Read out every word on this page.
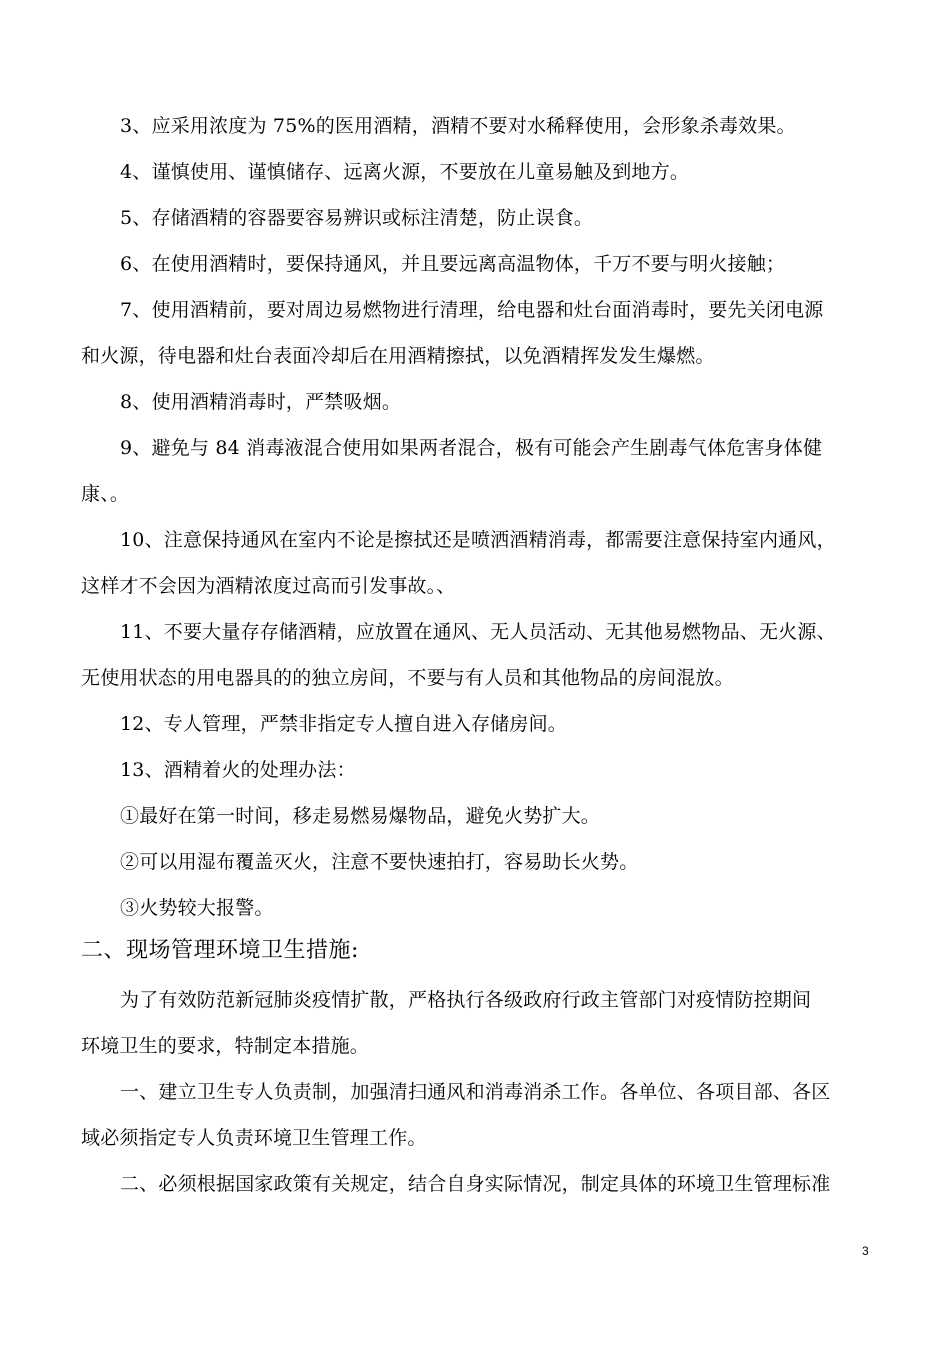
3、应采用浓度为 75%的医用酒精，酒精不要对水稀释使用，会形象杀毒效果。
4、谨慎使用、谨慎储存、远离火源，不要放在儿童易触及到地方。
5、存储酒精的容器要容易辨识或标注清楚，防止误食。
6、在使用酒精时，要保持通风，并且要远离高温物体，千万不要与明火接触；
7、使用酒精前，要对周边易燃物进行清理，给电器和灶台面消毒时，要先关闭电源
和火源，待电器和灶台表面冷却后在用酒精擦拭，以免酒精挥发发生爆燃。
8、使用酒精消毒时，严禁吸烟。
9、避免与 84 消毒液混合使用如果两者混合，极有可能会产生剧毒气体危害身体健
康、。
10、注意保持通风在室内不论是擦拭还是喷洒酒精消毒，都需要注意保持室内通风，
这样才不会因为酒精浓度过高而引发事故。、
11、不要大量存存储酒精，应放置在通风、无人员活动、无其他易燃物品、无火源、
无使用状态的用电器具的的独立房间，不要与有人员和其他物品的房间混放。
12、专人管理，严禁非指定专人擅自进入存储房间。
13、酒精着火的处理办法：
①最好在第一时间，移走易燃易爆物品，避免火势扩大。
②可以用湿布覆盖灭火，注意不要快速拍打，容易助长火势。
③火势较大报警。
二、现场管理环境卫生措施:
为了有效防范新冠肺炎疫情扩散，严格执行各级政府行政主管部门对疫情防控期间
环境卫生的要求，特制定本措施。
一、建立卫生专人负责制，加强清扫通风和消毒消杀工作。各单位、各项目部、各区
域必须指定专人负责环境卫生管理工作。
二、必须根据国家政策有关规定，结合自身实际情况，制定具体的环境卫生管理标准
3
